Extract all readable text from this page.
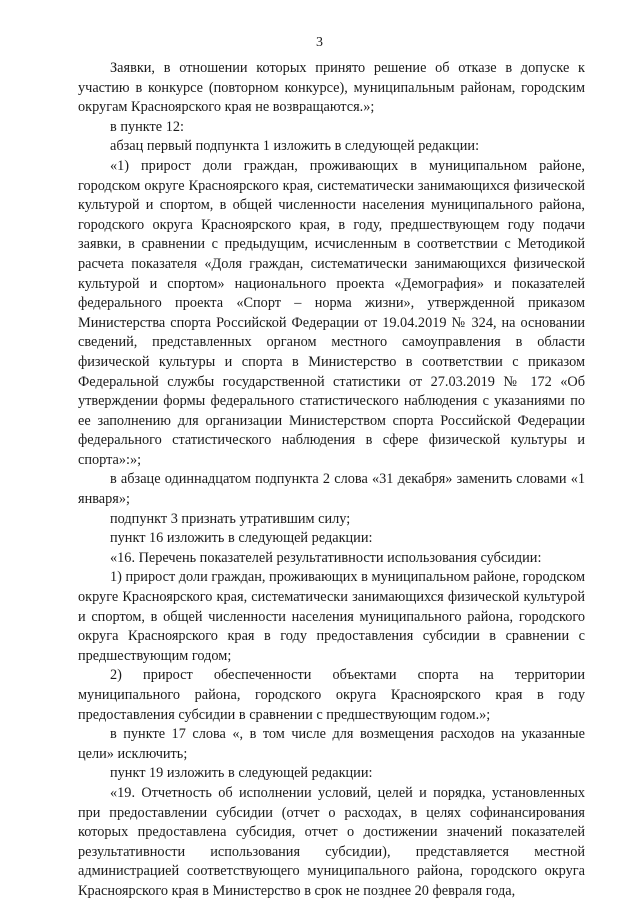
3

Заявки, в отношении которых принято решение об отказе в допуске к участию в конкурсе (повторном конкурсе), муниципальным районам, городским округам Красноярского края не возвращаются.»;

в пункте 12:

абзац первый подпункта 1 изложить в следующей редакции:

«1) прирост доли граждан, проживающих в муниципальном районе, городском округе Красноярского края, систематически занимающихся физической культурой и спортом, в общей численности населения муниципального района, городского округа Красноярского края, в году, предшествующем году подачи заявки, в сравнении с предыдущим, исчисленным в соответствии с Методикой расчета показателя «Доля граждан, систематически занимающихся физической культурой и спортом» национального проекта «Демография» и показателей федерального проекта «Спорт – норма жизни», утвержденной приказом Министерства спорта Российской Федерации от 19.04.2019 № 324, на основании сведений, представленных органом местного самоуправления в области физической культуры и спорта в Министерство в соответствии с приказом Федеральной службы государственной статистики от 27.03.2019 № 172 «Об утверждении формы федерального статистического наблюдения с указаниями по ее заполнению для организации Министерством спорта Российской Федерации федерального статистического наблюдения в сфере физической культуры и спорта»:»;

в абзаце одиннадцатом подпункта 2 слова «31 декабря» заменить словами «1 января»;

подпункт 3 признать утратившим силу;

пункт 16 изложить в следующей редакции:

«16. Перечень показателей результативности использования субсидии:

1) прирост доли граждан, проживающих в муниципальном районе, городском округе Красноярского края, систематически занимающихся физической культурой и спортом, в общей численности населения муниципального района, городского округа Красноярского края в году предоставления субсидии в сравнении с предшествующим годом;

2) прирост обеспеченности объектами спорта на территории муниципального района, городского округа Красноярского края в году предоставления субсидии в сравнении с предшествующим годом.»;

в пункте 17 слова «, в том числе для возмещения расходов на указанные цели» исключить;

пункт 19 изложить в следующей редакции:

«19. Отчетность об исполнении условий, целей и порядка, установленных при предоставлении субсидии (отчет о расходах, в целях софинансирования которых предоставлена субсидия, отчет о достижении значений показателей результативности использования субсидии), представляется местной администрацией соответствующего муниципального района, городского округа Красноярского края в Министерство в срок не позднее 20 февраля года,
